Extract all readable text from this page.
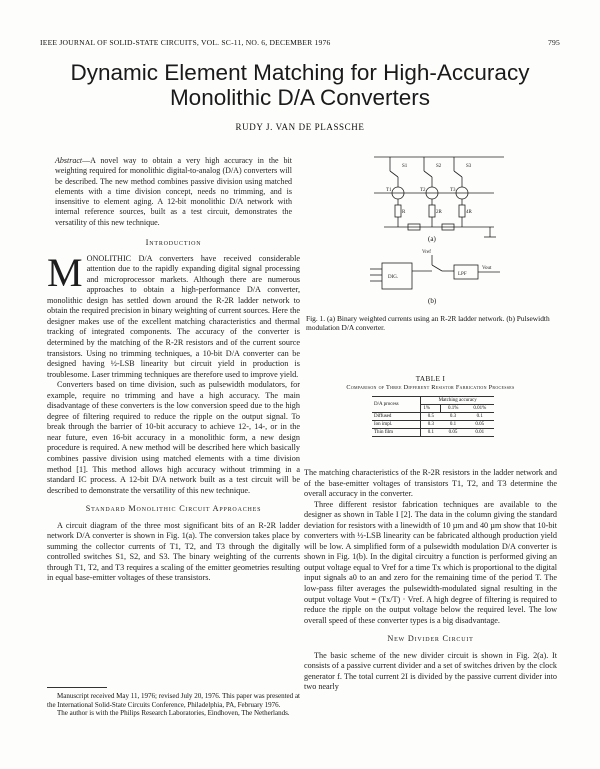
IEEE JOURNAL OF SOLID-STATE CIRCUITS, VOL. SC-11, NO. 6, DECEMBER 1976	795
Dynamic Element Matching for High-Accuracy
Monolithic D/A Converters
RUDY J. VAN DE PLASSCHE
Abstract—A novel way to obtain a very high accuracy in the bit weighting required for monolithic digital-to-analog (D/A) converters will be described. The new method combines passive division using matched elements with a time division concept, needs no trimming, and is insensitive to element aging. A 12-bit monolithic D/A network with internal reference sources, built as a test circuit, demonstrates the versatility of this new technique.
Introduction

MONOLITHIC D/A converters have received considerable attention due to the rapidly expanding digital signal processing and microprocessor markets. Although there are numerous approaches to obtain a high-performance D/A converter, monolithic design has settled down around the R-2R ladder network to obtain the required precision in binary weighting of current sources. Here the designer makes use of the excellent matching characteristics and thermal tracking of integrated components. The accuracy of the converter is determined by the matching of the R-2R resistors and of the current source transistors. Using no trimming techniques, a 10-bit D/A converter can be designed having ½-LSB linearity but circuit yield in production is troublesome. Laser trimming techniques are therefore used to improve yield.

Converters based on time division, such as pulsewidth modulators, for example, require no trimming and have a high accuracy. The main disadvantage of these converters is the low conversion speed due to the high degree of filtering required to reduce the ripple on the output signal. To break through the barrier of 10-bit accuracy to achieve 12-, 14-, or in the near future, even 16-bit accuracy in a monolithic form, a new design procedure is required. A new method will be described here which basically combines passive division using matched elements with a time division method [1]. This method allows high accuracy without trimming in a standard IC process. A 12-bit D/A network built as a test circuit will be described to demonstrate the versatility of this new technique.

Standard Monolithic Circuit Approaches

A circuit diagram of the three most significant bits of an R-2R ladder network D/A converter is shown in Fig. 1(a). The conversion takes place by summing the collector currents of T1, T2, and T3 through the digitally controlled switches S1, S2, and S3. The binary weighting of the currents through T1, T2, and T3 requires a scaling of the emitter geometries resulting in equal base-emitter voltages of these transistors.

Manuscript received May 11, 1976; revised July 20, 1976. This paper was presented at the International Solid-State Circuits Conference, Philadelphia, PA, February 1976.

The author is with the Philips Research Laboratories, Eindhoven, The Netherlands.

S1	S2	S3
T1	T2	T3
R	2R	4R
DIG.
LPF
Vout
Vref
(a)
(b)
Fig. 1. (a) Binary weighted currents using an R-2R ladder network. (b) Pulsewidth modulation D/A converter.
TABLE I
Comparison of Three Different Resistor Fabrication Processes
D/A process	Matching accuracy		
	1%	0.1%	0.01%
Diffused	0.5	0.3	0.1
Ion impl.	0.3	0.1	0.05
Thin film	0.1	0.05	0.01

The matching characteristics of the R-2R resistors in the ladder network and of the base-emitter voltages of transistors T1, T2, and T3 determine the overall accuracy in the converter.

Three different resistor fabrication techniques are available to the designer as shown in Table I [2]. The data in the column giving the standard deviation for resistors with a linewidth of 10 µm and 40 µm show that 10-bit converters with ½-LSB linearity can be fabricated although production yield will be low. A simplified form of a pulsewidth modulation D/A converter is shown in Fig. 1(b). In the digital circuitry a function is performed giving an output voltage equal to Vref for a time Tx which is proportional to the digital input signals a0 to an and zero for the remaining time of the period T. The low-pass filter averages the pulsewidth-modulated signal resulting in the output voltage Vout = (Tx/T) · Vref. A high degree of filtering is required to reduce the ripple on the output voltage below the required level. The low overall speed of these converter types is a big disadvantage.

New Divider Circuit

The basic scheme of the new divider circuit is shown in Fig. 2(a). It consists of a passive current divider and a set of switches driven by the clock generator f. The total current 2I is divided by the passive current divider into two nearly
